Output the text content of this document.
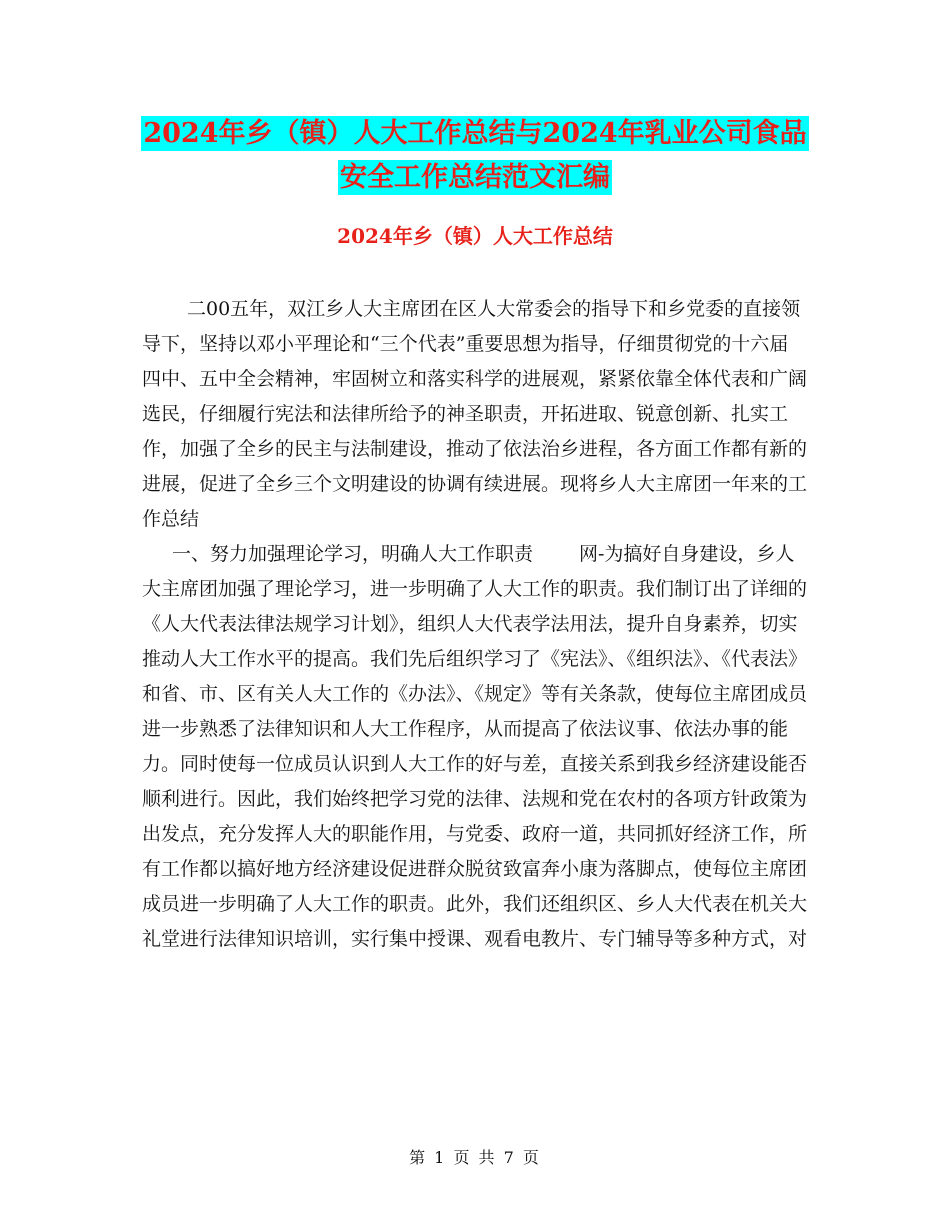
2024年乡（镇）人大工作总结与2024年乳业公司食品
安全工作总结范文汇编
2024年乡（镇）人大工作总结

二00五年，双江乡人大主席团在区人大常委会的指导下和乡党委的直接领导下，坚持以邓小平理论和“三个代表”重要思想为指导，仔细贯彻党的十六届四中、五中全会精神，牢固树立和落实科学的进展观，紧紧依靠全体代表和广阔选民，仔细履行宪法和法律所给予的神圣职责，开拓进取、锐意创新、扎实工作，加强了全乡的民主与法制建设，推动了依法治乡进程，各方面工作都有新的进展，促进了全乡三个文明建设的协调有续进展。现将乡人大主席团一年来的工作总结

一、努力加强理论学习，明确人大工作职责 网-为搞好自身建设，乡人大主席团加强了理论学习，进一步明确了人大工作的职责。我们制订出了详细的《人大代表法律法规学习计划》，组织人大代表学法用法，提升自身素养，切实推动人大工作水平的提高。我们先后组织学习了《宪法》、《组织法》、《代表法》和省、市、区有关人大工作的《办法》、《规定》等有关条款，使每位主席团成员进一步熟悉了法律知识和人大工作程序，从而提高了依法议事、依法办事的能力。同时使每一位成员认识到人大工作的好与差，直接关系到我乡经济建设能否顺利进行。因此，我们始终把学习党的法律、法规和党在农村的各项方针政策为出发点，充分发挥人大的职能作用，与党委、政府一道，共同抓好经济工作，所有工作都以搞好地方经济建设促进群众脱贫致富奔小康为落脚点，使每位主席团成员进一步明确了人大工作的职责。此外，我们还组织区、乡人大代表在机关大礼堂进行法律知识培训，实行集中授课、观看电教片、专门辅导等多种方式，对

第 1 页 共 7 页
